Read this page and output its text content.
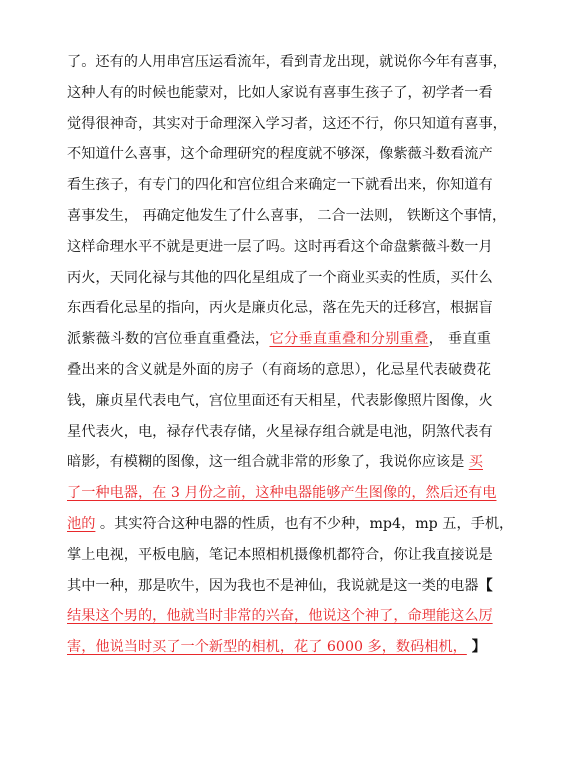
了。还有的人用串宫压运看流年，看到青龙出现，就说你今年有喜事，
这种人有的时候也能蒙对，比如人家说有喜事生孩子了，初学者一看
觉得很神奇，其实对于命理深入学习者，这还不行，你只知道有喜事，
不知道什么喜事，这个命理研究的程度就不够深，像紫薇斗数看流产
看生孩子，有专门的四化和宫位组合来确定一下就看出来，你知道有
喜事发生， 再确定他发生了什么喜事， 二合一法则， 铁断这个事情，
这样命理水平不就是更进一层了吗。这时再看这个命盘紫薇斗数一月
丙火，天同化禄与其他的四化星组成了一个商业买卖的性质，买什么
东西看化忌星的指向，丙火是廉贞化忌，落在先天的迁移宫，根据盲
派紫薇斗数的宫位垂直重叠法，它分垂直重叠和分别重叠， 垂直重
叠出来的含义就是外面的房子（有商场的意思），化忌星代表破费花
钱，廉贞星代表电气，宫位里面还有天相星，代表影像照片图像，火
星代表火，电，禄存代表存储，火星禄存组合就是电池，阴煞代表有
暗影，有模糊的图像，这一组合就非常的形象了，我说你应该是 买
了一种电器，在 3 月份之前，这种电器能够产生图像的，然后还有电
池的 。其实符合这种电器的性质，也有不少种，mp4，mp 五，手机，
掌上电视，平板电脑，笔记本照相机摄像机都符合，你让我直接说是
其中一种，那是吹牛，因为我也不是神仙，我说就是这一类的电器【
结果这个男的，他就当时非常的兴奋，他说这个神了，命理能这么厉
害，他说当时买了一个新型的相机，花了 6000 多，数码相机， 】
